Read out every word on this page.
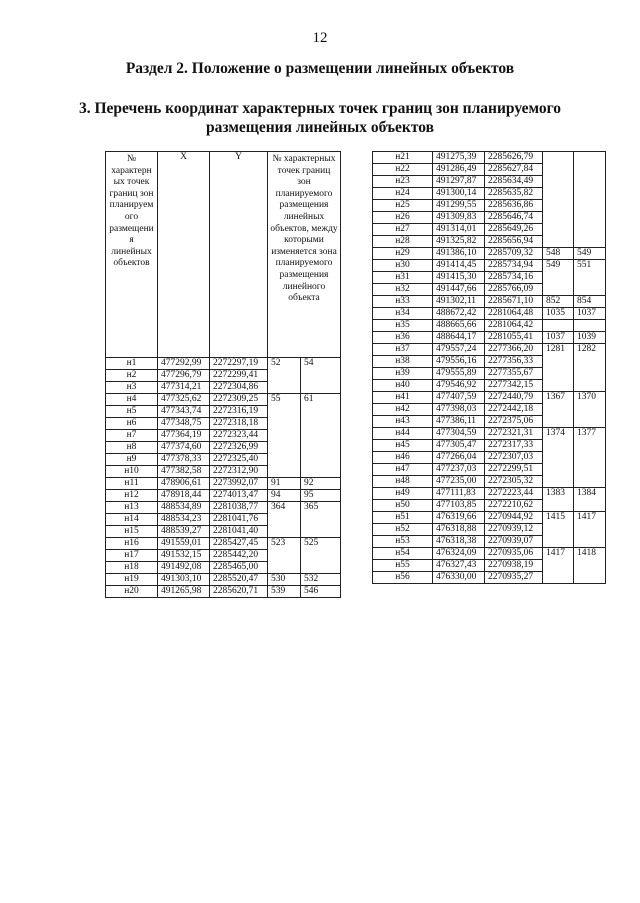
12
Раздел 2. Положение о размещении линейных объектов
3. Перечень координат характерных точек границ зон планируемого
размещения линейных объектов
№ характерн ых точек границ зон планируем ого размещени я линейных объектов	X	Y	№ характерных точек границ зон планируемого размещения линейных объектов, между которыми изменяется зона планируемого размещения линейного объекта	
н1	477292,99	2272297,19	52	54
н2	477296,79	2272299,41		
н3	477314,21	2272304,86		
н4	477325,62	2272309,25	55	61
н5	477343,74	2272316,19		
н6	477348,75	2272318,18		
н7	477364,19	2272323,44		
н8	477374,60	2272326,99		
н9	477378,33	2272325,40		
н10	477382,58	2272312,90		
н11	478906,61	2273992,07	91	92
н12	478918,44	2274013,47	94	95
н13	488534,89	2281038,77	364	365
н14	488534,23	2281041,76		
н15	488539,27	2281041,40		
н16	491559,01	2285427,45	523	525
н17	491532,15	2285442,20		
н18	491492,08	2285465,00		
н19	491303,10	2285520,47	530	532
н20	491265,98	2285620,71	539	546
н21	491275,39	2285626,79		
н22	491286,49	2285627,84		
н23	491297,87	2285634,49		
н24	491300,14	2285635,82		
н25	491299,55	2285636,86		
н26	491309,83	2285646,74		
н27	491314,01	2285649,26		
н28	491325,82	2285656,94		
н29	491386,10	2285709,32	548	549
н30	491414,45	2285734,94	549	551
н31	491415,30	2285734,16		
н32	491447,66	2285766,09		
н33	491302,11	2285671,10	852	854
н34	488672,42	2281064,48	1035	1037
н35	488665,66	2281064,42		
н36	488644,17	2281055,41	1037	1039
н37	479557,24	2277366,20	1281	1282
н38	479556,16	2277356,33		
н39	479555,89	2277355,67		
н40	479546,92	2277342,15		
н41	477407,59	2272440,79	1367	1370
н42	477398,03	2272442,18		
н43	477386,11	2272375,06		
н44	477304,59	2272321,31	1374	1377
н45	477305,47	2272317,33		
н46	477266,04	2272307,03		
н47	477237,03	2272299,51		
н48	477235,00	2272305,32		
н49	477111,83	2272223,44	1383	1384
н50	477103,85	2272210,62		
н51	476319,66	2270944,92	1415	1417
н52	476318,88	2270939,12		
н53	476318,38	2270939,07		
н54	476324,09	2270935,06	1417	1418
н55	476327,43	2270938,19		
н56	476330,00	2270935,27		
